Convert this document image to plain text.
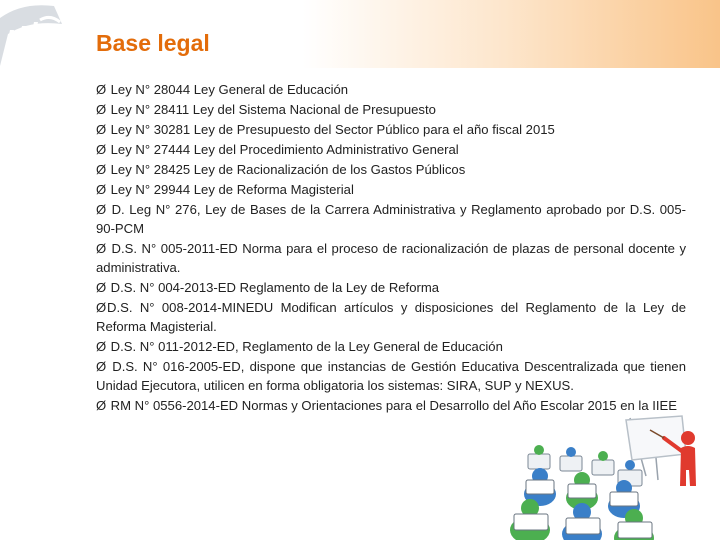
Base legal
Ø Ley N° 28044 Ley General de Educación
Ø Ley N° 28411 Ley del Sistema Nacional de Presupuesto
Ø Ley N° 30281 Ley de Presupuesto del Sector Público para el año fiscal 2015
Ø Ley N° 27444 Ley del Procedimiento Administrativo General
Ø Ley N° 28425 Ley de Racionalización de los Gastos Públicos
Ø Ley N° 29944 Ley de Reforma Magisterial
Ø D. Leg N° 276, Ley de Bases de la Carrera Administrativa y Reglamento aprobado por D.S. 005-90-PCM
Ø D.S. N° 005-2011-ED Norma para el proceso de racionalización de plazas de personal docente y administrativa.
Ø D.S. N° 004-2013-ED Reglamento de la Ley de Reforma
ØD.S. N° 008-2014-MINEDU Modifican artículos y disposiciones del Reglamento de la Ley de Reforma Magisterial.
Ø D.S. N° 011-2012-ED, Reglamento de la Ley General de Educación
Ø D.S. N° 016-2005-ED, dispone que instancias de Gestión Educativa Descentralizada que tienen Unidad Ejecutora, utilicen en forma obligatoria los sistemas: SIRA, SUP y NEXUS.
Ø RM N° 0556-2014-ED Normas y Orientaciones para el Desarrollo del Año Escolar 2015 en la IIEE
